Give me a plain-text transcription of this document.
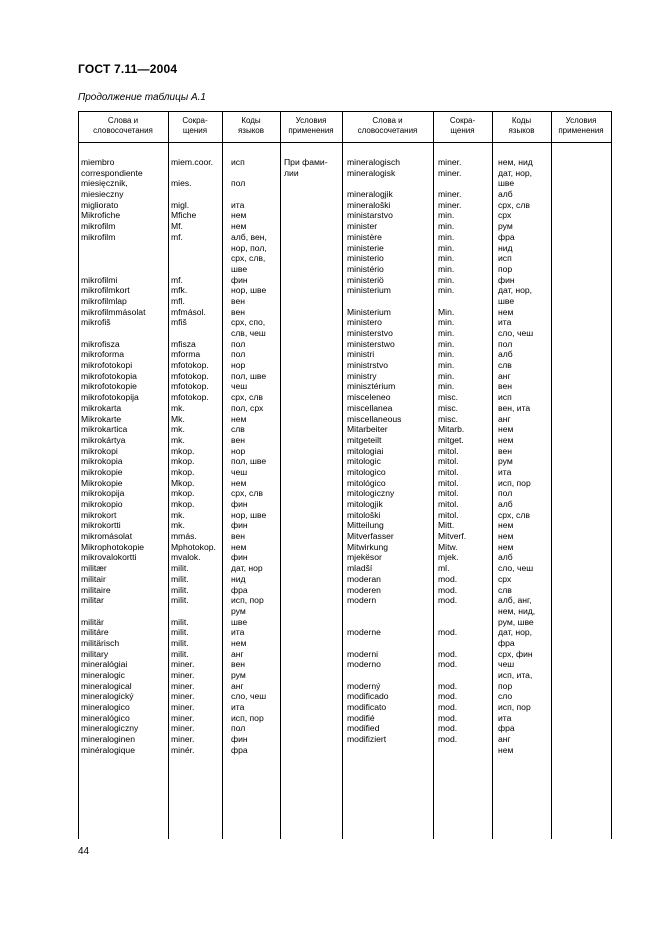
ГОСТ 7.11—2004
Продолжение таблицы А.1
Слова и
словосочетания
Сокра-
щения
Коды
языков
Условия
применения
Слова и
словосочетания
Сокра-
щения
Коды
языков
Условия
применения
miembro
correspondiente
miesięcznik,
miesieczny
migliorato
Mikrofiche
mikrofilm
mikrofilm
mikrofilmi
mikrofilmkort
mikrofilmlap
mikrofilmmásolat
mikrofiš
mikrofisza
mikroforma
mikrofotokopi
mikrofotokopia
mikrofotokopie
mikrofotokopija
mikrokarta
Mikrokarte
mikrokartica
mikrokártya
mikrokopi
mikrokopia
mikrokopie
Mikrokopie
mikrokopija
mikrokopio
mikrokort
mikrokortti
mikromásolat
Mikrophotokopie
mikrovalokortti
militær
militair
militaire
militar
militär
militáre
militärisch
military
mineralógiai
mineralogic
mineralogical
mineralogický
mineralogico
mineralógico
mineralogiczny
mineraloginen
minéralogique
miem.coor.
mies.
migl.
Mfiche
Mf.
mf.
mf.
mfk.
mfl.
mfmásol.
mfiš
mfisza
mforma
mfotokop.
mfotokop.
mfotokop.
mfotokop.
mk.
Mk.
mk.
mk.
mkop.
mkop.
mkop.
Mkop.
mkop.
mkop.
mk.
mk.
mmás.
Mphotokop.
mvalok.
milit.
milit.
milit.
milit.
milit.
milit.
milit.
milit.
miner.
miner.
miner.
miner.
miner.
miner.
miner.
miner.
minér.
исп
пол
ита
нем
нем
алб, вен,
нор, пол,
срх, слв,
шве
фин
нор, шве
вен
вен
срх, спо,
слв, чеш
пол
пол
нор
пол, шве
чеш
срх, слв
пол, срх
нем
слв
вен
нор
пол, шве
чеш
нем
срх, слв
фин
нор, шве
фин
вен
нем
фин
дат, нор
нид
фра
исп, пор
рум
шве
ита
нем
анг
вен
рум
анг
сло, чеш
ита
исп, пор
пол
фин
фра
При фами-
лии
mineralogisch
mineralogisk
mineralogjik
mineraloški
ministarstvo
minister
ministère
ministerie
ministerio
ministério
ministeriö
ministerium
Ministerium
ministero
ministerstvo
ministerstwo
ministri
ministrstvo
ministry
minisztérium
misceleneo
miscellanea
miscellaneous
Mitarbeiter
mitgeteilt
mitologiai
mitologic
mitologico
mitológico
mitologiczny
mitologjik
mitološki
Mitteilung
Mitverfasser
Mitwirkung
mjekësor
mladší
moderan
moderen
modern
moderne
moderni
moderno
moderný
modificado
modificato
modifié
modified
modifiziert
miner.
miner.
miner.
miner.
min.
min.
min.
min.
min.
min.
min.
min.
Min.
min.
min.
min.
min.
min.
min.
min.
misc.
misc.
misc.
Mitarb.
mitget.
mitol.
mitol.
mitol.
mitol.
mitol.
mitol.
mitol.
Mitt.
Mitverf.
Mitw.
mjek.
ml.
mod.
mod.
mod.
mod.
mod.
mod.
mod.
mod.
mod.
mod.
mod.
mod.
нем, нид
дат, нор,
шве
алб
срх, слв
срх
рум
фра
нид
исп
пор
фин
дат, нор,
шве
нем
ита
сло, чеш
пол
алб
слв
анг
вен
исп
вен, ита
анг
нем
нем
вен
рум
ита
исп, пор
пол
алб
срх, слв
нем
нем
нем
алб
сло, чеш
срх
слв
алб, анг,
нем, нид,
рум, шве
дат, нор,
фра
срх, фин
чеш
исп, ита,
пор
сло
исп, пор
ита
фра
анг
нем
44
